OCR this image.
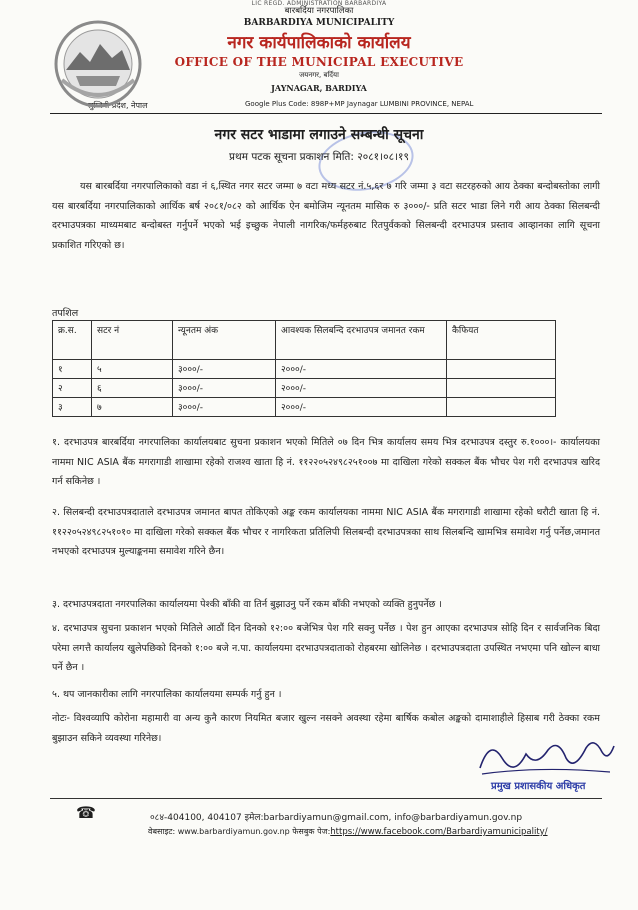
LIC REGD. ADMINISTRATION BARBARDIYA
बारबर्दिया नगरपालिका
BARBARDIYA MUNICIPALITY
नगर कार्यपालिकाको कार्यालय
OFFICE OF THE MUNICIPAL EXECUTIVE
जयनगर, बर्दिया
JAYNAGAR, BARDIYA
लुम्बिनी प्रदेश, नेपाल	Google Plus Code: 898P+MP Jaynagar LUMBINI PROVINCE, NEPAL
नगर सटर भाडामा लगाउने सम्बन्धी सूचना
प्रथम पटक सूचना प्रकाशन मिति: २०८१।०८।१९
यस बारबर्दिया नगरपालिकाको वडा नं ६,स्थित नगर सटर जम्मा ७ वटा मध्य सटर नं.५,६र ७ गरि जम्मा ३ वटा सटरहरुको आय ठेक्का बन्दोबस्तोका लागी यस बारबर्दिया नगरपालिकाको आर्थिक बर्ष २०८१/०८२ को आर्थिक ऐन बमोजिम न्यूनतम मासिक रु ३०००/- प्रति सटर भाडा लिने गरी आय ठेक्का सिलबन्दी दरभाउपत्रका माध्यमबाट बन्दोबस्त गर्नुपर्ने भएको भई इच्छुक नेपाली नागरिक/फर्महरुबाट रितपुर्वकको सिलबन्दी दरभाउपत्र प्रस्ताव आव्हानका लागि सूचना प्रकाशित गरिएको छ।
तपशिल
क्र.स.	सटर नं	न्यूनतम अंक	आवश्यक सिलबन्दि दरभाउपत्र जमानत रकम	कैफियत
१	५	३०००/-	२०००/-	
२	६	३०००/-	२०००/-	
३	७	३०००/-	२०००/-	
१. दरभाउपत्र बारबर्दिया नगरपालिका कार्यालयबाट सुचना प्रकाशन भएको मितिले ०७ दिन भित्र कार्यालय समय भित्र दरभाउपत्र दस्तुर रु.१०००।- कार्यालयका नाममा NIC ASIA बैंक मगरागाडी शाखामा रहेको राजश्व खाता हि नं. ११२२०५२४९८२५१००७ मा दाखिला गरेको सक्कल बैंक भौचर पेश गरी दरभाउपत्र खरिद गर्न सकिनेछ ।
२. सिलबन्दी दरभाउपत्रदाताले दरभाउपत्र जमानत बापत तोकिएको अङ्क रकम कार्यालयका नाममा NIC ASIA बैंक मगरागाडी शाखामा रहेको धरौटी खाता हि नं. ११२२०५२४९८२५१०१० मा दाखिला गरेको सक्कल बैंक भौचर र नागरिकता प्रतिलिपी सिलबन्दी दरभाउपत्रका साथ सिलबन्दि खामभित्र समावेश गर्नु पर्नेछ,जमानत नभएको दरभाउपत्र मुल्याङ्कनमा समावेश गरिने छैन।
३. दरभाउपत्रदाता नगरपालिका कार्यालयमा पेश्की बाँकी वा तिर्न बुझाउनु पर्ने रकम बाँकी नभएको व्यक्ति हुनुपर्नेछ ।
४. दरभाउपत्र सुचना प्रकाशन भएको मितिले आठौं दिन दिनको १२:०० बजेभित्र पेश गरि सक्नु पर्नेछ । पेश हुन आएका दरभाउपत्र सोहि दिन र सार्वजनिक बिदा परेमा लगत्तै कार्यालय खुलेपछिको दिनको १:०० बजे न.पा. कार्यालयमा दरभाउपत्रदाताको रोहबरमा खोलिनेछ । दरभाउपत्रदाता उपस्थित नभएमा पनि खोल्न बाधा पर्ने छैन ।
५. थप जानकारीका लागि नगरपालिका कार्यालयमा सम्पर्क गर्नु हुन ।
नोटः- विश्वव्यापि कोरोना महामारी वा अन्य कुनै कारण नियमित बजार खुल्न नसक्ने अवस्था रहेमा बार्षिक कबोल अङ्कको दामाशाहीले हिसाब गरी ठेक्का रकम बुझाउन सकिने व्यवस्था गरिनेछ।
प्रमुख प्रशासकीय अधिकृत
☎	०८४-404100, 404107 इमेल:barbardiyamun@gmail.com, info@barbardiyamun.gov.np
वेबसाइट: www.barbardiyamun.gov.np फेसबुक पेज:https://www.facebook.com/Barbardiyamunicipality/
